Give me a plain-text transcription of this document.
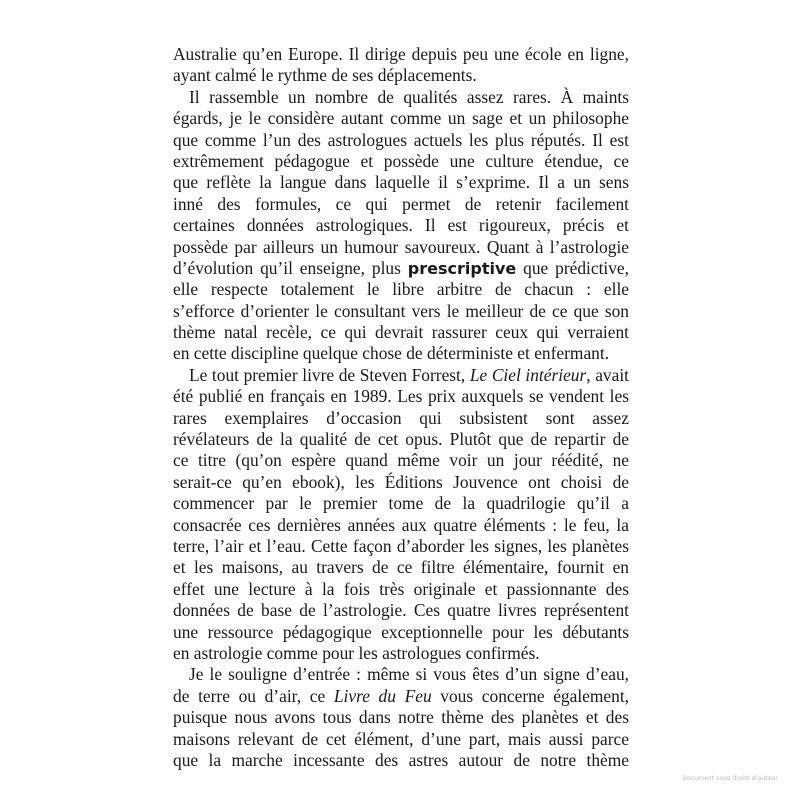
Australie qu’en Europe. Il dirige depuis peu une école en ligne,
ayant calmé le rythme de ses déplacements.
Il rassemble un nombre de qualités assez rares. À maints
égards, je le considère autant comme un sage et un philosophe
que comme l’un des astrologues actuels les plus réputés. Il est
extrêmement pédagogue et possède une culture étendue, ce
que reflète la langue dans laquelle il s’exprime. Il a un sens
inné des formules, ce qui permet de retenir facilement
certaines données astrologiques. Il est rigoureux, précis et
possède par ailleurs un humour savoureux. Quant à l’astrologie
d’évolution qu’il enseigne, plus prescriptive que prédictive,
elle respecte totalement le libre arbitre de chacun : elle
s’efforce d’orienter le consultant vers le meilleur de ce que son
thème natal recèle, ce qui devrait rassurer ceux qui verraient
en cette discipline quelque chose de déterministe et enfermant.
Le tout premier livre de Steven Forrest, Le Ciel intérieur, avait
été publié en français en 1989. Les prix auxquels se vendent les
rares exemplaires d’occasion qui subsistent sont assez
révélateurs de la qualité de cet opus. Plutôt que de repartir de
ce titre (qu’on espère quand même voir un jour réédité, ne
serait-ce qu’en ebook), les Éditions Jouvence ont choisi de
commencer par le premier tome de la quadrilogie qu’il a
consacrée ces dernières années aux quatre éléments : le feu, la
terre, l’air et l’eau. Cette façon d’aborder les signes, les planètes
et les maisons, au travers de ce filtre élémentaire, fournit en
effet une lecture à la fois très originale et passionnante des
données de base de l’astrologie. Ces quatre livres représentent
une ressource pédagogique exceptionnelle pour les débutants
en astrologie comme pour les astrologues confirmés.
Je le souligne d’entrée : même si vous êtes d’un signe d’eau,
de terre ou d’air, ce Livre du Feu vous concerne également,
puisque nous avons tous dans notre thème des planètes et des
maisons relevant de cet élément, d’une part, mais aussi parce
que la marche incessante des astres autour de notre thème
Document sous droits d'auteur
